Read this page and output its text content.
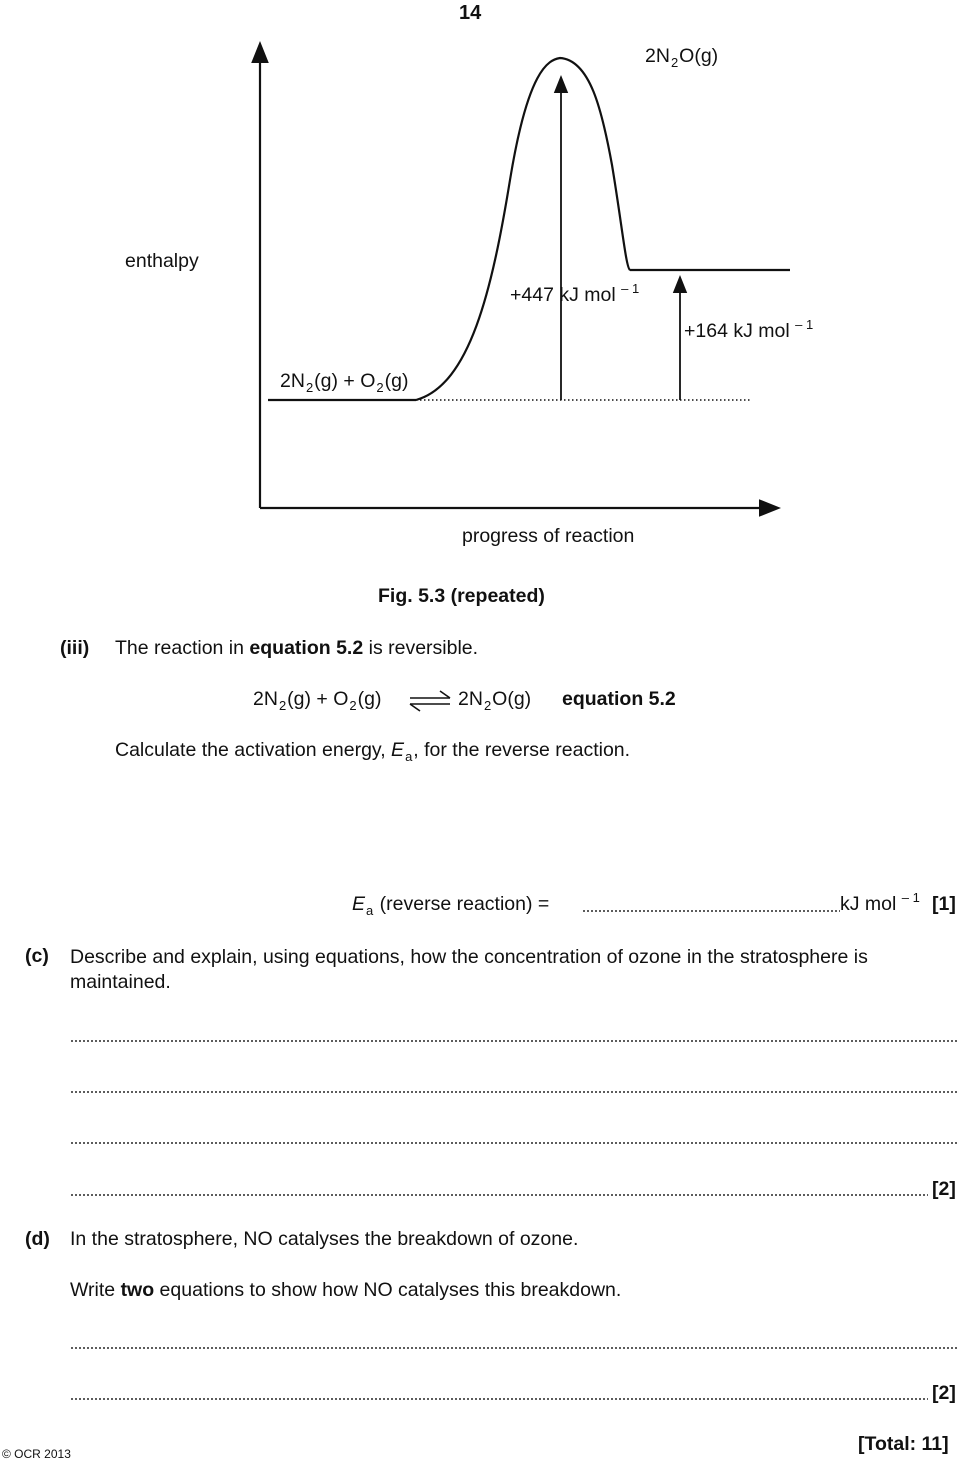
14
enthalpy
$2N_2O(g)$
+447 kJ mol $^{- 1}$
+164 kJ mol $^{- 1}$
$2N_2(g) + O_2(g)$
progress of reaction
Fig. 5.3 (repeated)
(iii) The reaction in equation 5.2 is reversible.
$2N_2(g) + O_2(g)$	$2N_2O(g)$ equation 5.2
Calculate the activation energy, $E_a$, for the reverse reaction.
$E_a$ (reverse reaction) =	kJ mol $^{- 1}$ [1]
(c) Describe and explain, using equations, how the concentration of ozone in the stratosphere is maintained.
[2]
(d) In the stratosphere, NO catalyses the breakdown of ozone.
Write two equations to show how NO catalyses this breakdown.
[2]
© OCR 2013	[Total: 11]
